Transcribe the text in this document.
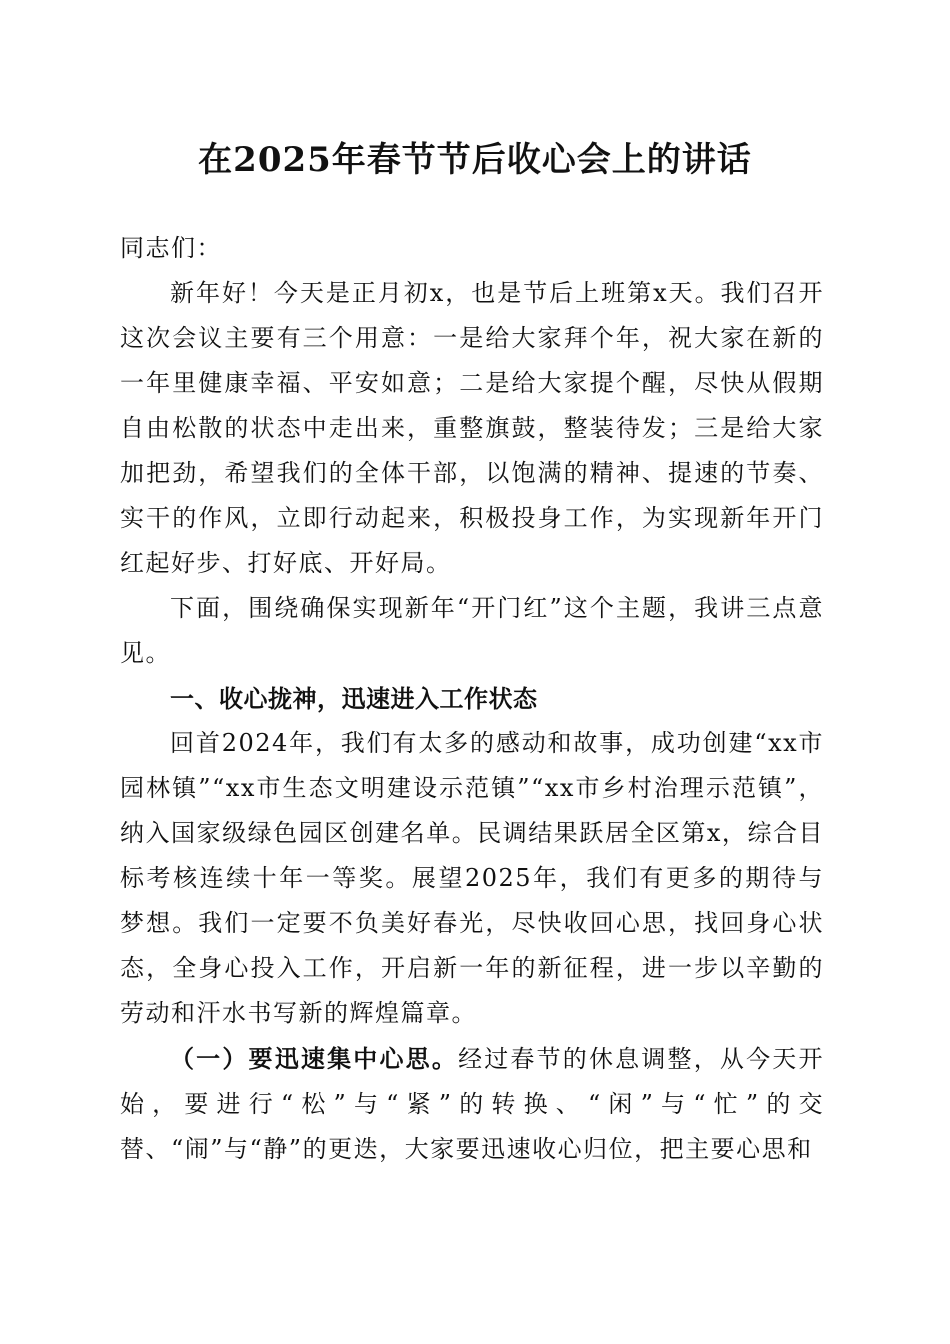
在2025年春节节后收心会上的讲话

同志们：

新年好！今天是正月初x，也是节后上班第x天。我们召开这次会议主要有三个用意：一是给大家拜个年，祝大家在新的一年里健康幸福、平安如意；二是给大家提个醒，尽快从假期自由松散的状态中走出来，重整旗鼓，整装待发；三是给大家加把劲，希望我们的全体干部，以饱满的精神、提速的节奏、实干的作风，立即行动起来，积极投身工作，为实现新年开门红起好步、打好底、开好局。

下面，围绕确保实现新年“开门红”这个主题，我讲三点意见。

一、收心拢神，迅速进入工作状态

回首2024年，我们有太多的感动和故事，成功创建“xx市园林镇”“xx市生态文明建设示范镇”“xx市乡村治理示范镇”，纳入国家级绿色园区创建名单。民调结果跃居全区第x，综合目标考核连续十年一等奖。展望2025年，我们有更多的期待与梦想。我们一定要不负美好春光，尽快收回心思，找回身心状态，全身心投入工作，开启新一年的新征程，进一步以辛勤的劳动和汗水书写新的辉煌篇章。

（一）要迅速集中心思。经过春节的休息调整，从今天开始，要进行“松”与“紧”的转换、“闲”与“忙”的交替、“闹”与“静”的更迭，大家要迅速收心归位，把主要心思和
